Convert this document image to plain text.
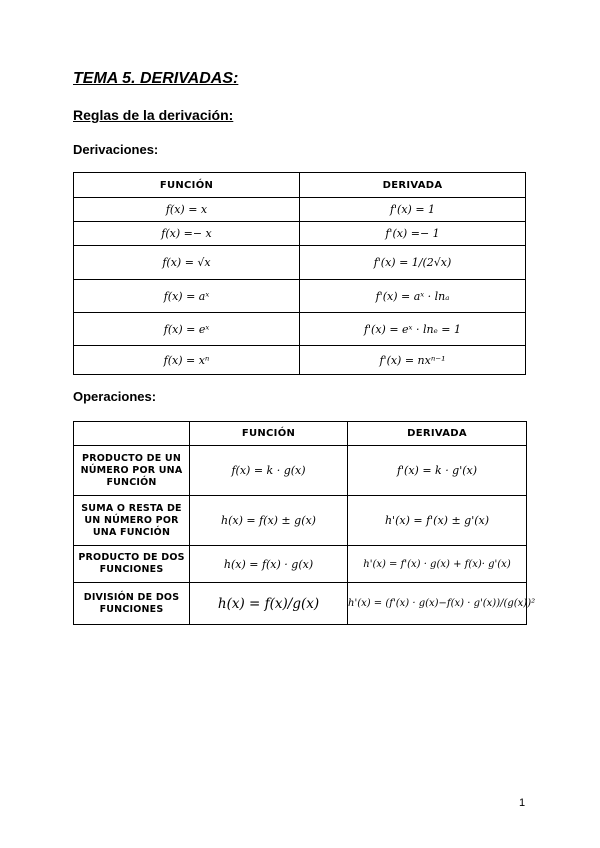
TEMA 5. DERIVADAS:
Reglas de la derivación:

Derivaciones:

FUNCIÓN	DERIVADA
f(x) = x	f'(x) = 1
f(x) =− x	f'(x) =− 1
f(x) = √x	f'(x) = 1/(2√x)
f(x) = aˣ	f'(x) = aˣ · lnₐ
f(x) = eˣ	f'(x) = eˣ · lnₑ = 1
f(x) = xⁿ	f'(x) = nxⁿ⁻¹

Operaciones:

	FUNCIÓN	DERIVADA
PRODUCTO DE UN NÚMERO POR UNA FUNCIÓN	f(x) = k · g(x)	f'(x) = k · g'(x)
SUMA O RESTA DE UN NÚMERO POR UNA FUNCIÓN	h(x) = f(x) ± g(x)	h'(x) = f'(x) ± g'(x)
PRODUCTO DE DOS FUNCIONES	h(x) = f(x) · g(x)	h'(x) = f'(x) · g(x) + f(x)· g'(x)
DIVISIÓN DE DOS FUNCIONES	h(x) = f(x)/g(x)	h'(x) = (f'(x) · g(x)−f(x) · g'(x))/(g(x))²

1
